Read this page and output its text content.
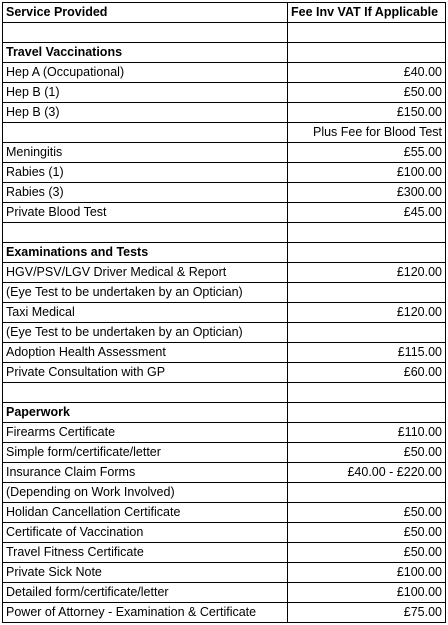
Service Provided	Fee Inv VAT If Applicable

Travel Vaccinations	
Hep A (Occupational)	£40.00
Hep B (1)	£50.00
Hep B (3)	£150.00
	Plus Fee for Blood Test
Meningitis	£55.00
Rabies (1)	£100.00
Rabies (3)	£300.00
Private Blood Test	£45.00

Examinations and Tests	
HGV/PSV/LGV Driver Medical & Report	£120.00
(Eye Test to be undertaken by an Optician)	
Taxi Medical	£120.00
(Eye Test to be undertaken by an Optician)	
Adoption Health Assessment	£115.00
Private Consultation with GP	£60.00

Paperwork	
Firearms Certificate	£110.00
Simple form/certificate/letter	£50.00
Insurance Claim Forms	£40.00 - £220.00
(Depending on Work Involved)	
Holidan Cancellation Certificate	£50.00
Certificate of Vaccination	£50.00
Travel Fitness Certificate	£50.00
Private Sick Note	£100.00
Detailed form/certificate/letter	£100.00
Power of Attorney - Examination & Certificate	£75.00
